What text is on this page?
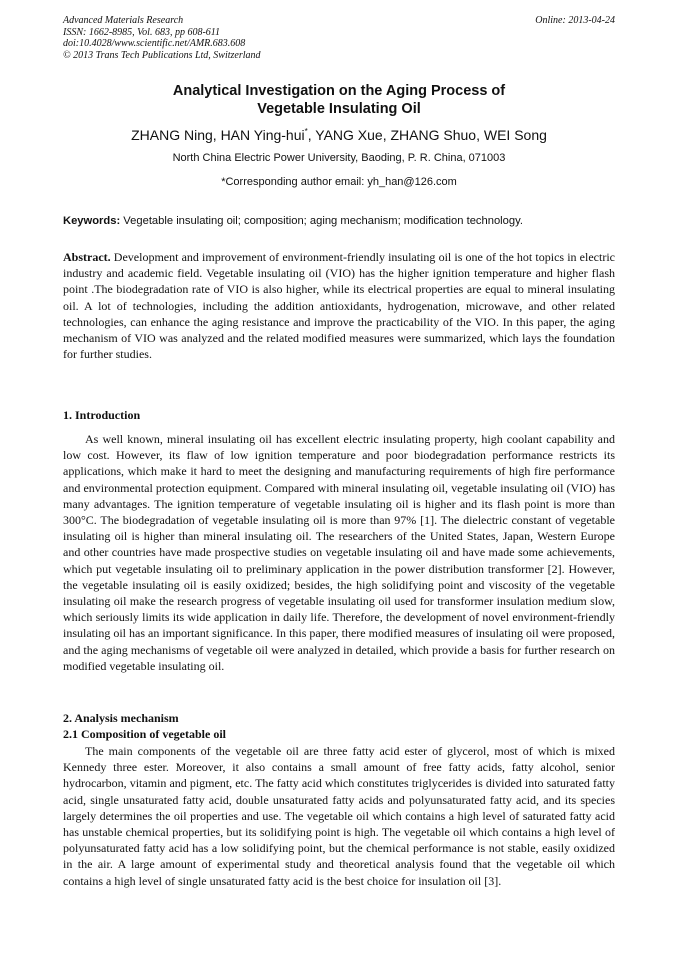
Advanced Materials Research
ISSN: 1662-8985, Vol. 683, pp 608-611
doi:10.4028/www.scientific.net/AMR.683.608
© 2013 Trans Tech Publications Ltd, Switzerland
Online: 2013-04-24
Analytical Investigation on the Aging Process of
Vegetable Insulating Oil
ZHANG Ning, HAN Ying-hui*, YANG Xue, ZHANG Shuo, WEI Song
North China Electric Power University, Baoding, P. R. China, 071003
*Corresponding author email: yh_han@126.com
Keywords: Vegetable insulating oil; composition; aging mechanism; modification technology.

Abstract. Development and improvement of environment-friendly insulating oil is one of the hot topics in electric industry and academic field. Vegetable insulating oil (VIO) has the higher ignition temperature and higher flash point .The biodegradation rate of VIO is also higher, while its electrical properties are equal to mineral insulating oil. A lot of technologies, including the addition antioxidants, hydrogenation, microwave, and other related technologies, can enhance the aging resistance and improve the practicability of the VIO. In this paper, the aging mechanism of VIO was analyzed and the related modified measures were summarized, which lays the foundation for further studies.

1. Introduction

As well known, mineral insulating oil has excellent electric insulating property, high coolant capability and low cost. However, its flaw of low ignition temperature and poor biodegradation performance restricts its applications, which make it hard to meet the designing and manufacturing requirements of high fire performance and environmental protection equipment. Compared with mineral insulating oil, vegetable insulating oil (VIO) has many advantages. The ignition temperature of vegetable insulating oil is higher and its flash point is more than 300°C. The biodegradation of vegetable insulating oil is more than 97% [1]. The dielectric constant of vegetable insulating oil is higher than mineral insulating oil. The researchers of the United States, Japan, Western Europe and other countries have made prospective studies on vegetable insulating oil and have made some achievements, which put vegetable insulating oil to preliminary application in the power distribution transformer [2]. However, the vegetable insulating oil is easily oxidized; besides, the high solidifying point and viscosity of the vegetable insulating oil make the research progress of vegetable insulating oil used for transformer insulation medium slow, which seriously limits its wide application in daily life. Therefore, the development of novel environment-friendly insulating oil has an important significance. In this paper, there modified measures of insulating oil were proposed, and the aging mechanisms of vegetable oil were analyzed in detailed, which provide a basis for further research on modified vegetable insulating oil.

2. Analysis mechanism
2.1 Composition of vegetable oil

The main components of the vegetable oil are three fatty acid ester of glycerol, most of which is mixed Kennedy three ester. Moreover, it also contains a small amount of free fatty acids, fatty alcohol, senior hydrocarbon, vitamin and pigment, etc. The fatty acid which constitutes triglycerides is divided into saturated fatty acid, single unsaturated fatty acid, double unsaturated fatty acids and polyunsaturated fatty acid, and its species largely determines the oil properties and use. The vegetable oil which contains a high level of saturated fatty acid has unstable chemical properties, but its solidifying point is high. The vegetable oil which contains a high level of polyunsaturated fatty acid has a low solidifying point, but the chemical performance is not stable, easily oxidized in the air. A large amount of experimental study and theoretical analysis found that the vegetable oil which contains a high level of single unsaturated fatty acid is the best choice for insulation oil [3].
